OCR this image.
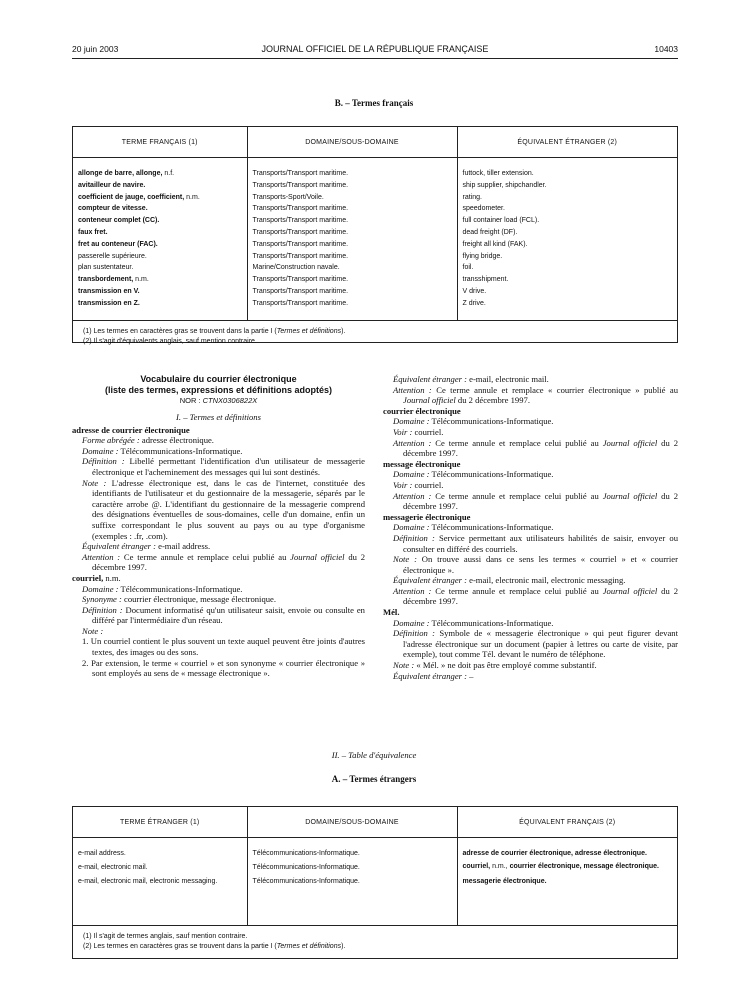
20 juin 2003	JOURNAL OFFICIEL DE LA RÉPUBLIQUE FRANÇAISE	10403
B. – Termes français
TERME FRANÇAIS (1)	DOMAINE/SOUS-DOMAINE	ÉQUIVALENT ÉTRANGER (2)
allonge de barre, allonge, n.f.	Transports/Transport maritime.	futtock, tiller extension.
avitailleur de navire.	Transports/Transport maritime.	ship supplier, shipchandler.
coefficient de jauge, coefficient, n.m.	Transports-Sport/Voile.	rating.
compteur de vitesse.	Transports/Transport maritime.	speedometer.
conteneur complet (CC).	Transports/Transport maritime.	full container load (FCL).
faux fret.	Transports/Transport maritime.	dead freight (DF).
fret au conteneur (FAC).	Transports/Transport maritime.	freight all kind (FAK).
passerelle supérieure.	Transports/Transport maritime.	flying bridge.
plan sustentateur.	Marine/Construction navale.	foil.
transbordement, n.m.	Transports/Transport maritime.	transshipment.
transmission en V.	Transports/Transport maritime.	V drive.
transmission en Z.	Transports/Transport maritime.	Z drive.
(1) Les termes en caractères gras se trouvent dans la partie I (Termes et définitions).
(2) Il s'agit d'équivalents anglais, sauf mention contraire.

Vocabulaire du courrier électronique

(liste des termes, expressions et définitions adoptés)

NOR : CTNX0306822X

I. – Termes et définitions

adresse de courrier électronique

Forme abrégée : adresse électronique.

Domaine : Télécommunications-Informatique.

Définition : Libellé permettant l'identification d'un utilisateur de messagerie électronique et l'acheminement des messages qui lui sont destinés.

Note : L'adresse électronique est, dans le cas de l'internet, constituée des identifiants de l'utilisateur et du gestionnaire de la messagerie, séparés par le caractère arrobe @. L'identifiant du gestionnaire de la messagerie comprend des désignations éventuelles de sous-domaines, celle d'un domaine, enfin un suffixe correspondant le plus souvent au pays ou au type d'organisme (exemples : .fr, .com).

Équivalent étranger : e-mail address.

Attention : Ce terme annule et remplace celui publié au Journal officiel du 2 décembre 1997.

courriel, n.m.

Domaine : Télécommunications-Informatique.

Synonyme : courrier électronique, message électronique.

Définition : Document informatisé qu'un utilisateur saisit, envoie ou consulte en différé par l'intermédiaire d'un réseau.

Note :

1. Un courriel contient le plus souvent un texte auquel peuvent être joints d'autres textes, des images ou des sons.

2. Par extension, le terme « courriel » et son synonyme « courrier électronique » sont employés au sens de « message électronique ».

Équivalent étranger : e-mail, electronic mail.

Attention : Ce terme annule et remplace « courrier électronique » publié au Journal officiel du 2 décembre 1997.

courrier électronique

Domaine : Télécommunications-Informatique.

Voir : courriel.

Attention : Ce terme annule et remplace celui publié au Journal officiel du 2 décembre 1997.

message électronique

Domaine : Télécommunications-Informatique.

Voir : courriel.

Attention : Ce terme annule et remplace celui publié au Journal officiel du 2 décembre 1997.

messagerie électronique

Domaine : Télécommunications-Informatique.

Définition : Service permettant aux utilisateurs habilités de saisir, envoyer ou consulter en différé des courriels.

Note : On trouve aussi dans ce sens les termes « courriel » et « courrier électronique ».

Équivalent étranger : e-mail, electronic mail, electronic messaging.

Attention : Ce terme annule et remplace celui publié au Journal officiel du 2 décembre 1997.

Mél.

Domaine : Télécommunications-Informatique.

Définition : Symbole de « messagerie électronique » qui peut figurer devant l'adresse électronique sur un document (papier à lettres ou carte de visite, par exemple), tout comme Tél. devant le numéro de téléphone.

Note : « Mél. » ne doit pas être employé comme substantif.

Équivalent étranger : –

II. – Table d'équivalence
A. – Termes étrangers
TERME ÉTRANGER (1)	DOMAINE/SOUS-DOMAINE	ÉQUIVALENT FRANÇAIS (2)
e-mail address.	Télécommunications-Informatique.	adresse de courrier électronique, adresse électronique.
e-mail, electronic mail.	Télécommunications-Informatique.	courriel, n.m., courrier électronique, message électronique.
e-mail, electronic mail, electronic messaging.	Télécommunications-Informatique.	messagerie électronique.

(1) Il s'agit de termes anglais, sauf mention contraire.
(2) Les termes en caractères gras se trouvent dans la partie I (Termes et définitions).
